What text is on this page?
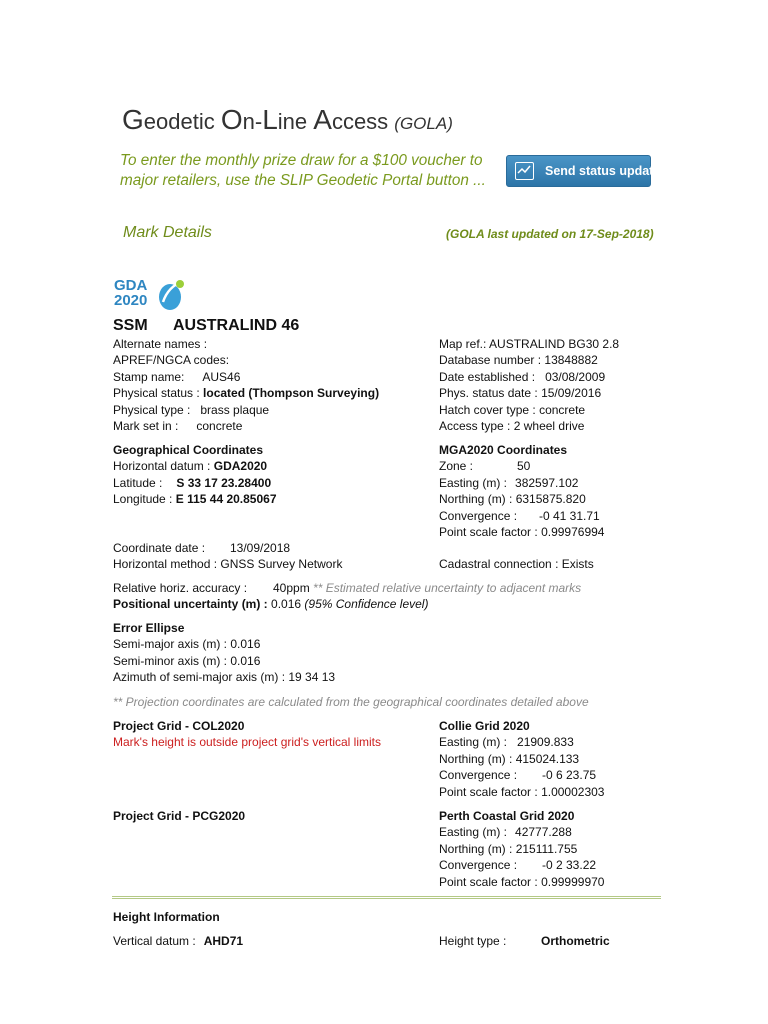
Geodetic On-Line Access (GOLA)
To enter the monthly prize draw for a $100 voucher to
major retailers, use the SLIP Geodetic Portal button ...
Send status update
Mark Details	(GOLA last updated on 17-Sep-2018)
GDA
2020
SSM AUSTRALIND 46
Alternate names :
APREF/NGCA codes:
Stamp name: AUS46
Physical status : located (Thompson Surveying)
Physical type : brass plaque
Mark set in : concrete
Map ref.: AUSTRALIND BG30 2.8
Database number : 13848882
Date established : 03/08/2009
Phys. status date : 15/09/2016
Hatch cover type : concrete
Access type : 2 wheel drive
Geographical Coordinates
Horizontal datum : GDA2020
Latitude : S 33 17 23.28400
Longitude : E 115 44 20.85067
MGA2020 Coordinates
Zone :	50
Easting (m) : 382597.102
Northing (m) : 6315875.820
Convergence : -0 41 31.71
Point scale factor : 0.99976994
Coordinate date : 13/09/2018
Horizontal method : GNSS Survey Network	Cadastral connection : Exists
Relative horiz. accuracy : 40ppm ** Estimated relative uncertainty to adjacent marks
Positional uncertainty (m) : 0.016 (95% Confidence level)
Error Ellipse
Semi-major axis (m) : 0.016
Semi-minor axis (m) : 0.016
Azimuth of semi-major axis (m) : 19 34 13
** Projection coordinates are calculated from the geographical coordinates detailed above
Project Grid - COL2020
Mark's height is outside project grid's vertical limits
Collie Grid 2020
Easting (m) : 21909.833
Northing (m) : 415024.133
Convergence : -0 6 23.75
Point scale factor : 1.00002303
Project Grid - PCG2020	Perth Coastal Grid 2020
Easting (m) : 42777.288
Northing (m) : 215111.755
Convergence : -0 2 33.22
Point scale factor : 0.99999970
Height Information
Vertical datum : AHD71	Height type :	Orthometric
